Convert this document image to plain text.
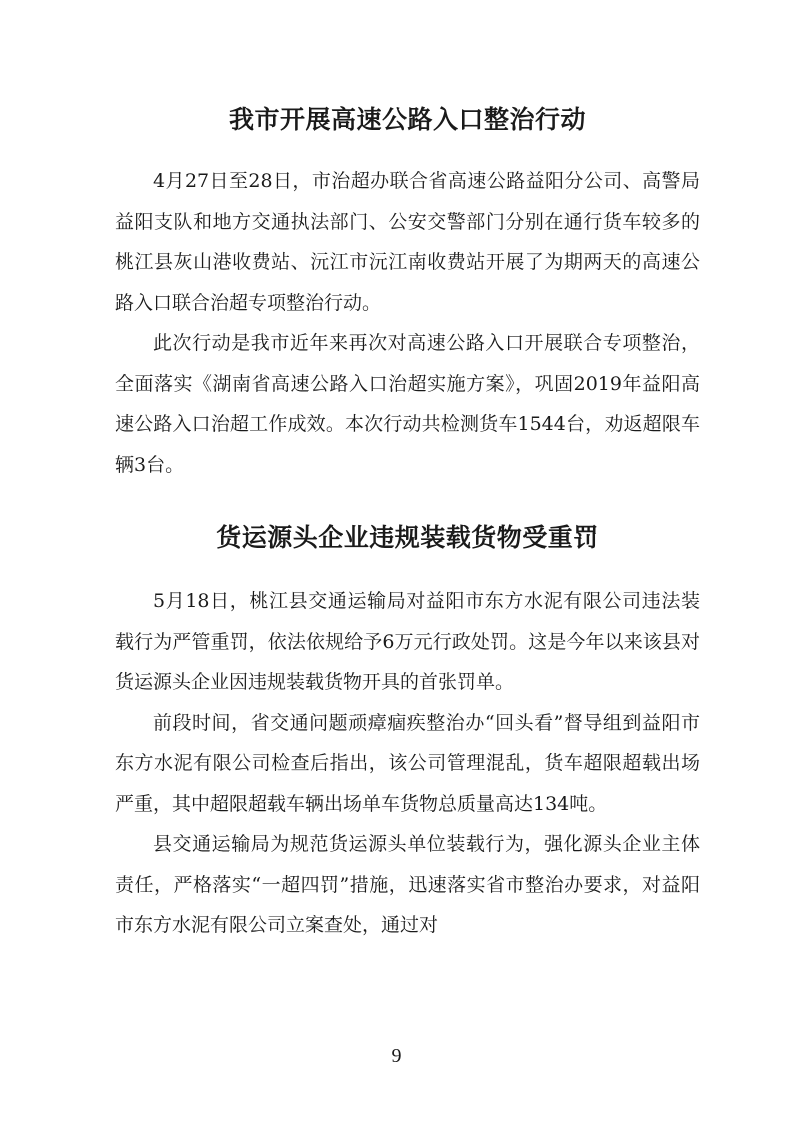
我市开展高速公路入口整治行动

4月27日至28日，市治超办联合省高速公路益阳分公司、高警局益阳支队和地方交通执法部门、公安交警部门分别在通行货车较多的桃江县灰山港收费站、沅江市沅江南收费站开展了为期两天的高速公路入口联合治超专项整治行动。

此次行动是我市近年来再次对高速公路入口开展联合专项整治，全面落实《湖南省高速公路入口治超实施方案》，巩固2019年益阳高速公路入口治超工作成效。本次行动共检测货车1544台，劝返超限车辆3台。

货运源头企业违规装载货物受重罚

5月18日，桃江县交通运输局对益阳市东方水泥有限公司违法装载行为严管重罚，依法依规给予6万元行政处罚。这是今年以来该县对货运源头企业因违规装载货物开具的首张罚单。

前段时间，省交通问题顽瘴痼疾整治办“回头看”督导组到益阳市东方水泥有限公司检查后指出，该公司管理混乱，货车超限超载出场严重，其中超限超载车辆出场单车货物总质量高达134吨。

县交通运输局为规范货运源头单位装载行为，强化源头企业主体责任，严格落实“一超四罚”措施，迅速落实省市整治办要求，对益阳市东方水泥有限公司立案查处，通过对

9
